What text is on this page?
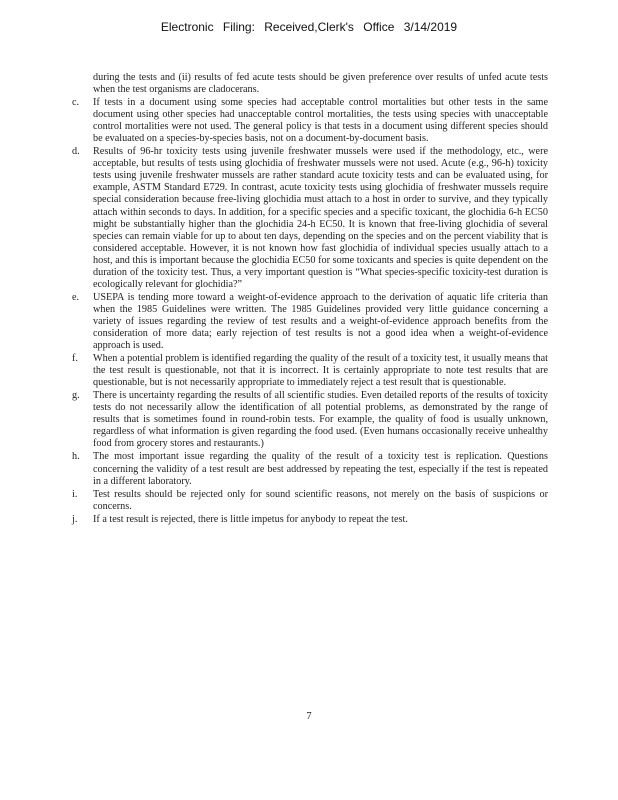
Electronic Filing: Received,Clerk's Office 3/14/2019
during the tests and (ii) results of fed acute tests should be given preference over results of unfed acute tests when the test organisms are cladocerans.
c. If tests in a document using some species had acceptable control mortalities but other tests in the same document using other species had unacceptable control mortalities, the tests using species with unacceptable control mortalities were not used. The general policy is that tests in a document using different species should be evaluated on a species-by-species basis, not on a document-by-document basis.
d. Results of 96-hr toxicity tests using juvenile freshwater mussels were used if the methodology, etc., were acceptable, but results of tests using glochidia of freshwater mussels were not used. Acute (e.g., 96-h) toxicity tests using juvenile freshwater mussels are rather standard acute toxicity tests and can be evaluated using, for example, ASTM Standard E729. In contrast, acute toxicity tests using glochidia of freshwater mussels require special consideration because free-living glochidia must attach to a host in order to survive, and they typically attach within seconds to days. In addition, for a specific species and a specific toxicant, the glochidia 6-h EC50 might be substantially higher than the glochidia 24-h EC50. It is known that free-living glochidia of several species can remain viable for up to about ten days, depending on the species and on the percent viability that is considered acceptable. However, it is not known how fast glochidia of individual species usually attach to a host, and this is important because the glochidia EC50 for some toxicants and species is quite dependent on the duration of the toxicity test. Thus, a very important question is “What species-specific toxicity-test duration is ecologically relevant for glochidia?”
e. USEPA is tending more toward a weight-of-evidence approach to the derivation of aquatic life criteria than when the 1985 Guidelines were written. The 1985 Guidelines provided very little guidance concerning a variety of issues regarding the review of test results and a weight-of-evidence approach benefits from the consideration of more data; early rejection of test results is not a good idea when a weight-of-evidence approach is used.
f. When a potential problem is identified regarding the quality of the result of a toxicity test, it usually means that the test result is questionable, not that it is incorrect. It is certainly appropriate to note test results that are questionable, but is not necessarily appropriate to immediately reject a test result that is questionable.
g. There is uncertainty regarding the results of all scientific studies. Even detailed reports of the results of toxicity tests do not necessarily allow the identification of all potential problems, as demonstrated by the range of results that is sometimes found in round-robin tests. For example, the quality of food is usually unknown, regardless of what information is given regarding the food used. (Even humans occasionally receive unhealthy food from grocery stores and restaurants.)
h. The most important issue regarding the quality of the result of a toxicity test is replication. Questions concerning the validity of a test result are best addressed by repeating the test, especially if the test is repeated in a different laboratory.
i. Test results should be rejected only for sound scientific reasons, not merely on the basis of suspicions or concerns.
j. If a test result is rejected, there is little impetus for anybody to repeat the test.
7
